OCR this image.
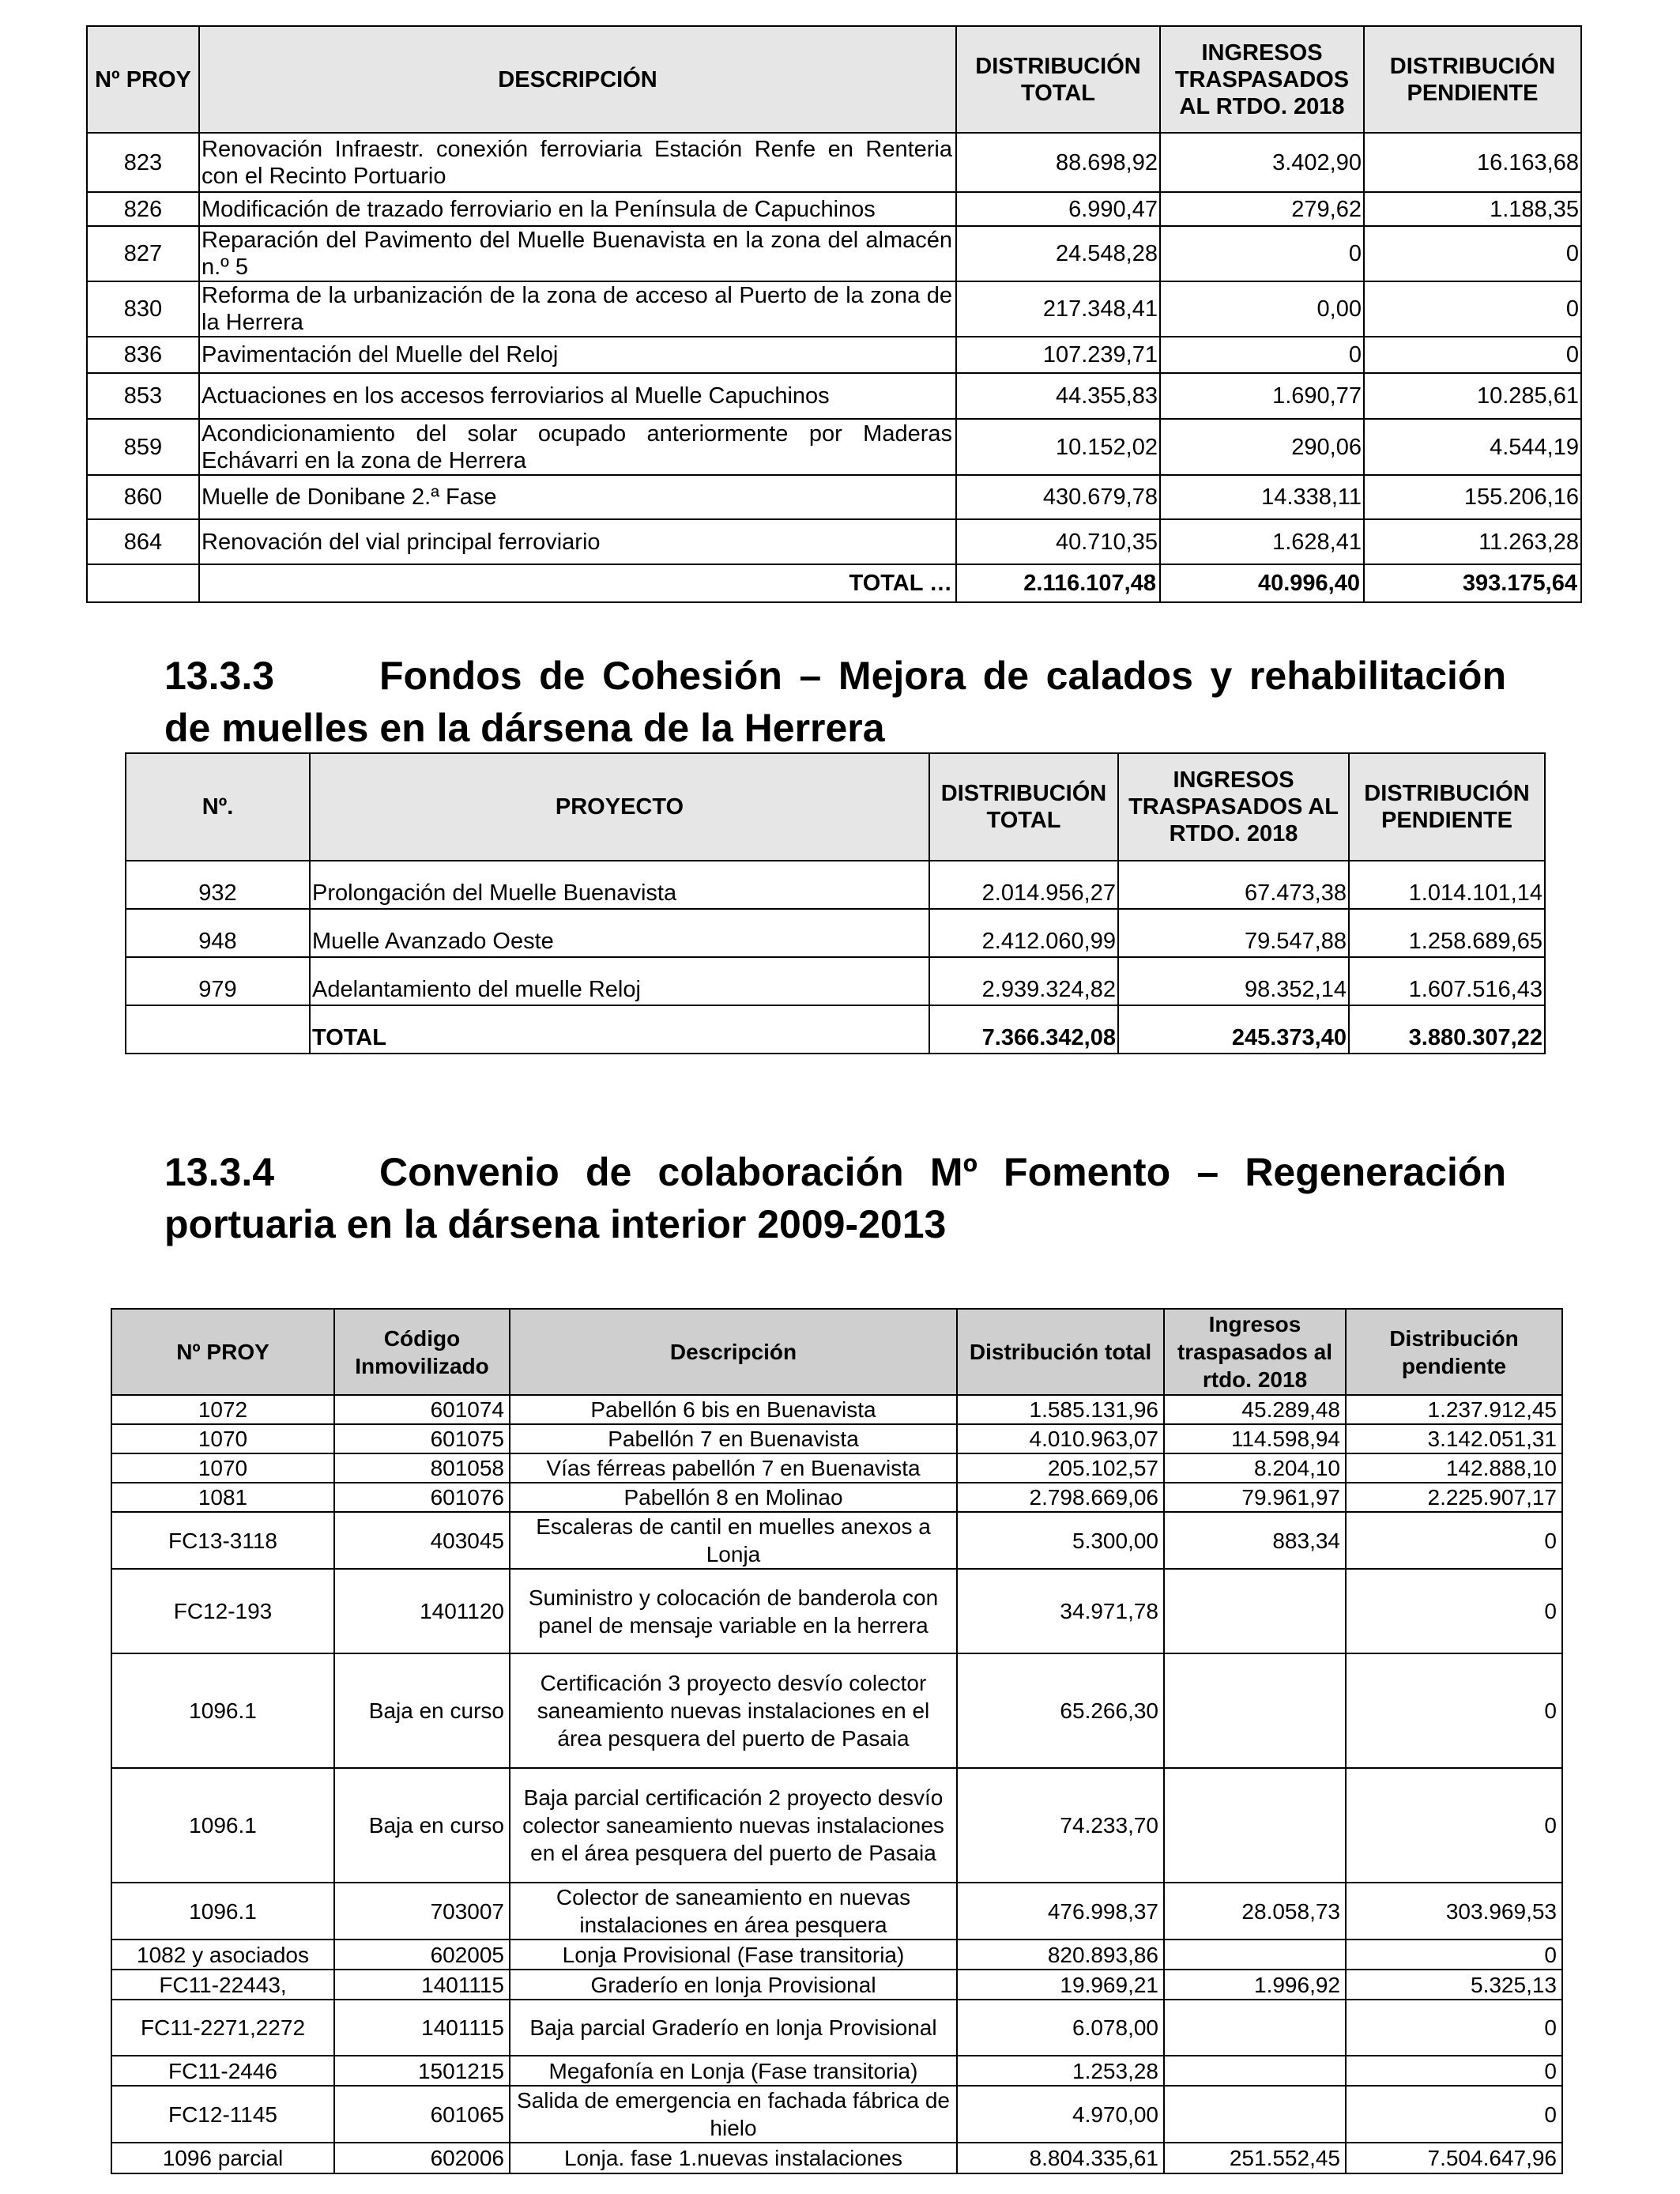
Nº PROY	DESCRIPCIÓN	DISTRIBUCIÓN TOTAL	INGRESOS TRASPASADOS AL RTDO. 2018	DISTRIBUCIÓN PENDIENTE
823	Renovación Infraestr. conexión ferroviaria Estación Renfe en Renteria con el Recinto Portuario	88.698,92	3.402,90	16.163,68
826	Modificación de trazado ferroviario en la Península de Capuchinos	6.990,47	279,62	1.188,35
827	Reparación del Pavimento del Muelle Buenavista en la zona del almacén n.º 5	24.548,28	0	0
830	Reforma de la urbanización de la zona de acceso al Puerto de la zona de la Herrera	217.348,41	0,00	0
836	Pavimentación del Muelle del Reloj	107.239,71	0	0
853	Actuaciones en los accesos ferroviarios al Muelle Capuchinos	44.355,83	1.690,77	10.285,61
859	Acondicionamiento del solar ocupado anteriormente por Maderas Echávarri en la zona de Herrera	10.152,02	290,06	4.544,19
860	Muelle de Donibane 2.ª Fase	430.679,78	14.338,11	155.206,16
864	Renovación del vial principal ferroviario	40.710,35	1.628,41	11.263,28
	TOTAL …	2.116.107,48	40.996,40	393.175,64
13.3.3	Fondos de Cohesión – Mejora de calados y rehabilitación de muelles en la dársena de la Herrera
Nº.	PROYECTO	DISTRIBUCIÓN TOTAL	INGRESOS TRASPASADOS AL RTDO. 2018	DISTRIBUCIÓN PENDIENTE
932	Prolongación del Muelle Buenavista	2.014.956,27	67.473,38	1.014.101,14
948	Muelle Avanzado Oeste	2.412.060,99	79.547,88	1.258.689,65
979	Adelantamiento del muelle Reloj	2.939.324,82	98.352,14	1.607.516,43
	TOTAL	7.366.342,08	245.373,40	3.880.307,22
13.3.4	Convenio de colaboración Mº Fomento – Regeneración portuaria en la dársena interior 2009-2013
Nº PROY	Código Inmovilizado	Descripción	Distribución total	Ingresos traspasados al rtdo. 2018	Distribución pendiente
1072	601074	Pabellón 6 bis en Buenavista	1.585.131,96	45.289,48	1.237.912,45
1070	601075	Pabellón 7 en Buenavista	4.010.963,07	114.598,94	3.142.051,31
1070	801058	Vías férreas pabellón 7 en Buenavista	205.102,57	8.204,10	142.888,10
1081	601076	Pabellón 8 en Molinao	2.798.669,06	79.961,97	2.225.907,17
FC13-3118	403045	Escaleras de cantil en muelles anexos a Lonja	5.300,00	883,34	0
FC12-193	1401120	Suministro y colocación de banderola con panel de mensaje variable en la herrera	34.971,78		0
1096.1	Baja en curso	Certificación 3 proyecto desvío colector saneamiento nuevas instalaciones en el área pesquera del puerto de Pasaia	65.266,30		0
1096.1	Baja en curso	Baja parcial certificación 2 proyecto desvío colector saneamiento nuevas instalaciones en el área pesquera del puerto de Pasaia	74.233,70		0
1096.1	703007	Colector de saneamiento en nuevas instalaciones en área pesquera	476.998,37	28.058,73	303.969,53
1082 y asociados	602005	Lonja Provisional (Fase transitoria)	820.893,86		0
FC11-22443,	1401115	Graderío en lonja Provisional	19.969,21	1.996,92	5.325,13
FC11-2271,2272	1401115	Baja parcial Graderío en lonja Provisional	6.078,00		0
FC11-2446	1501215	Megafonía en Lonja (Fase transitoria)	1.253,28		0
FC12-1145	601065	Salida de emergencia en fachada fábrica de hielo	4.970,00		0
1096 parcial	602006	Lonja. fase 1.nuevas instalaciones	8.804.335,61	251.552,45	7.504.647,96
